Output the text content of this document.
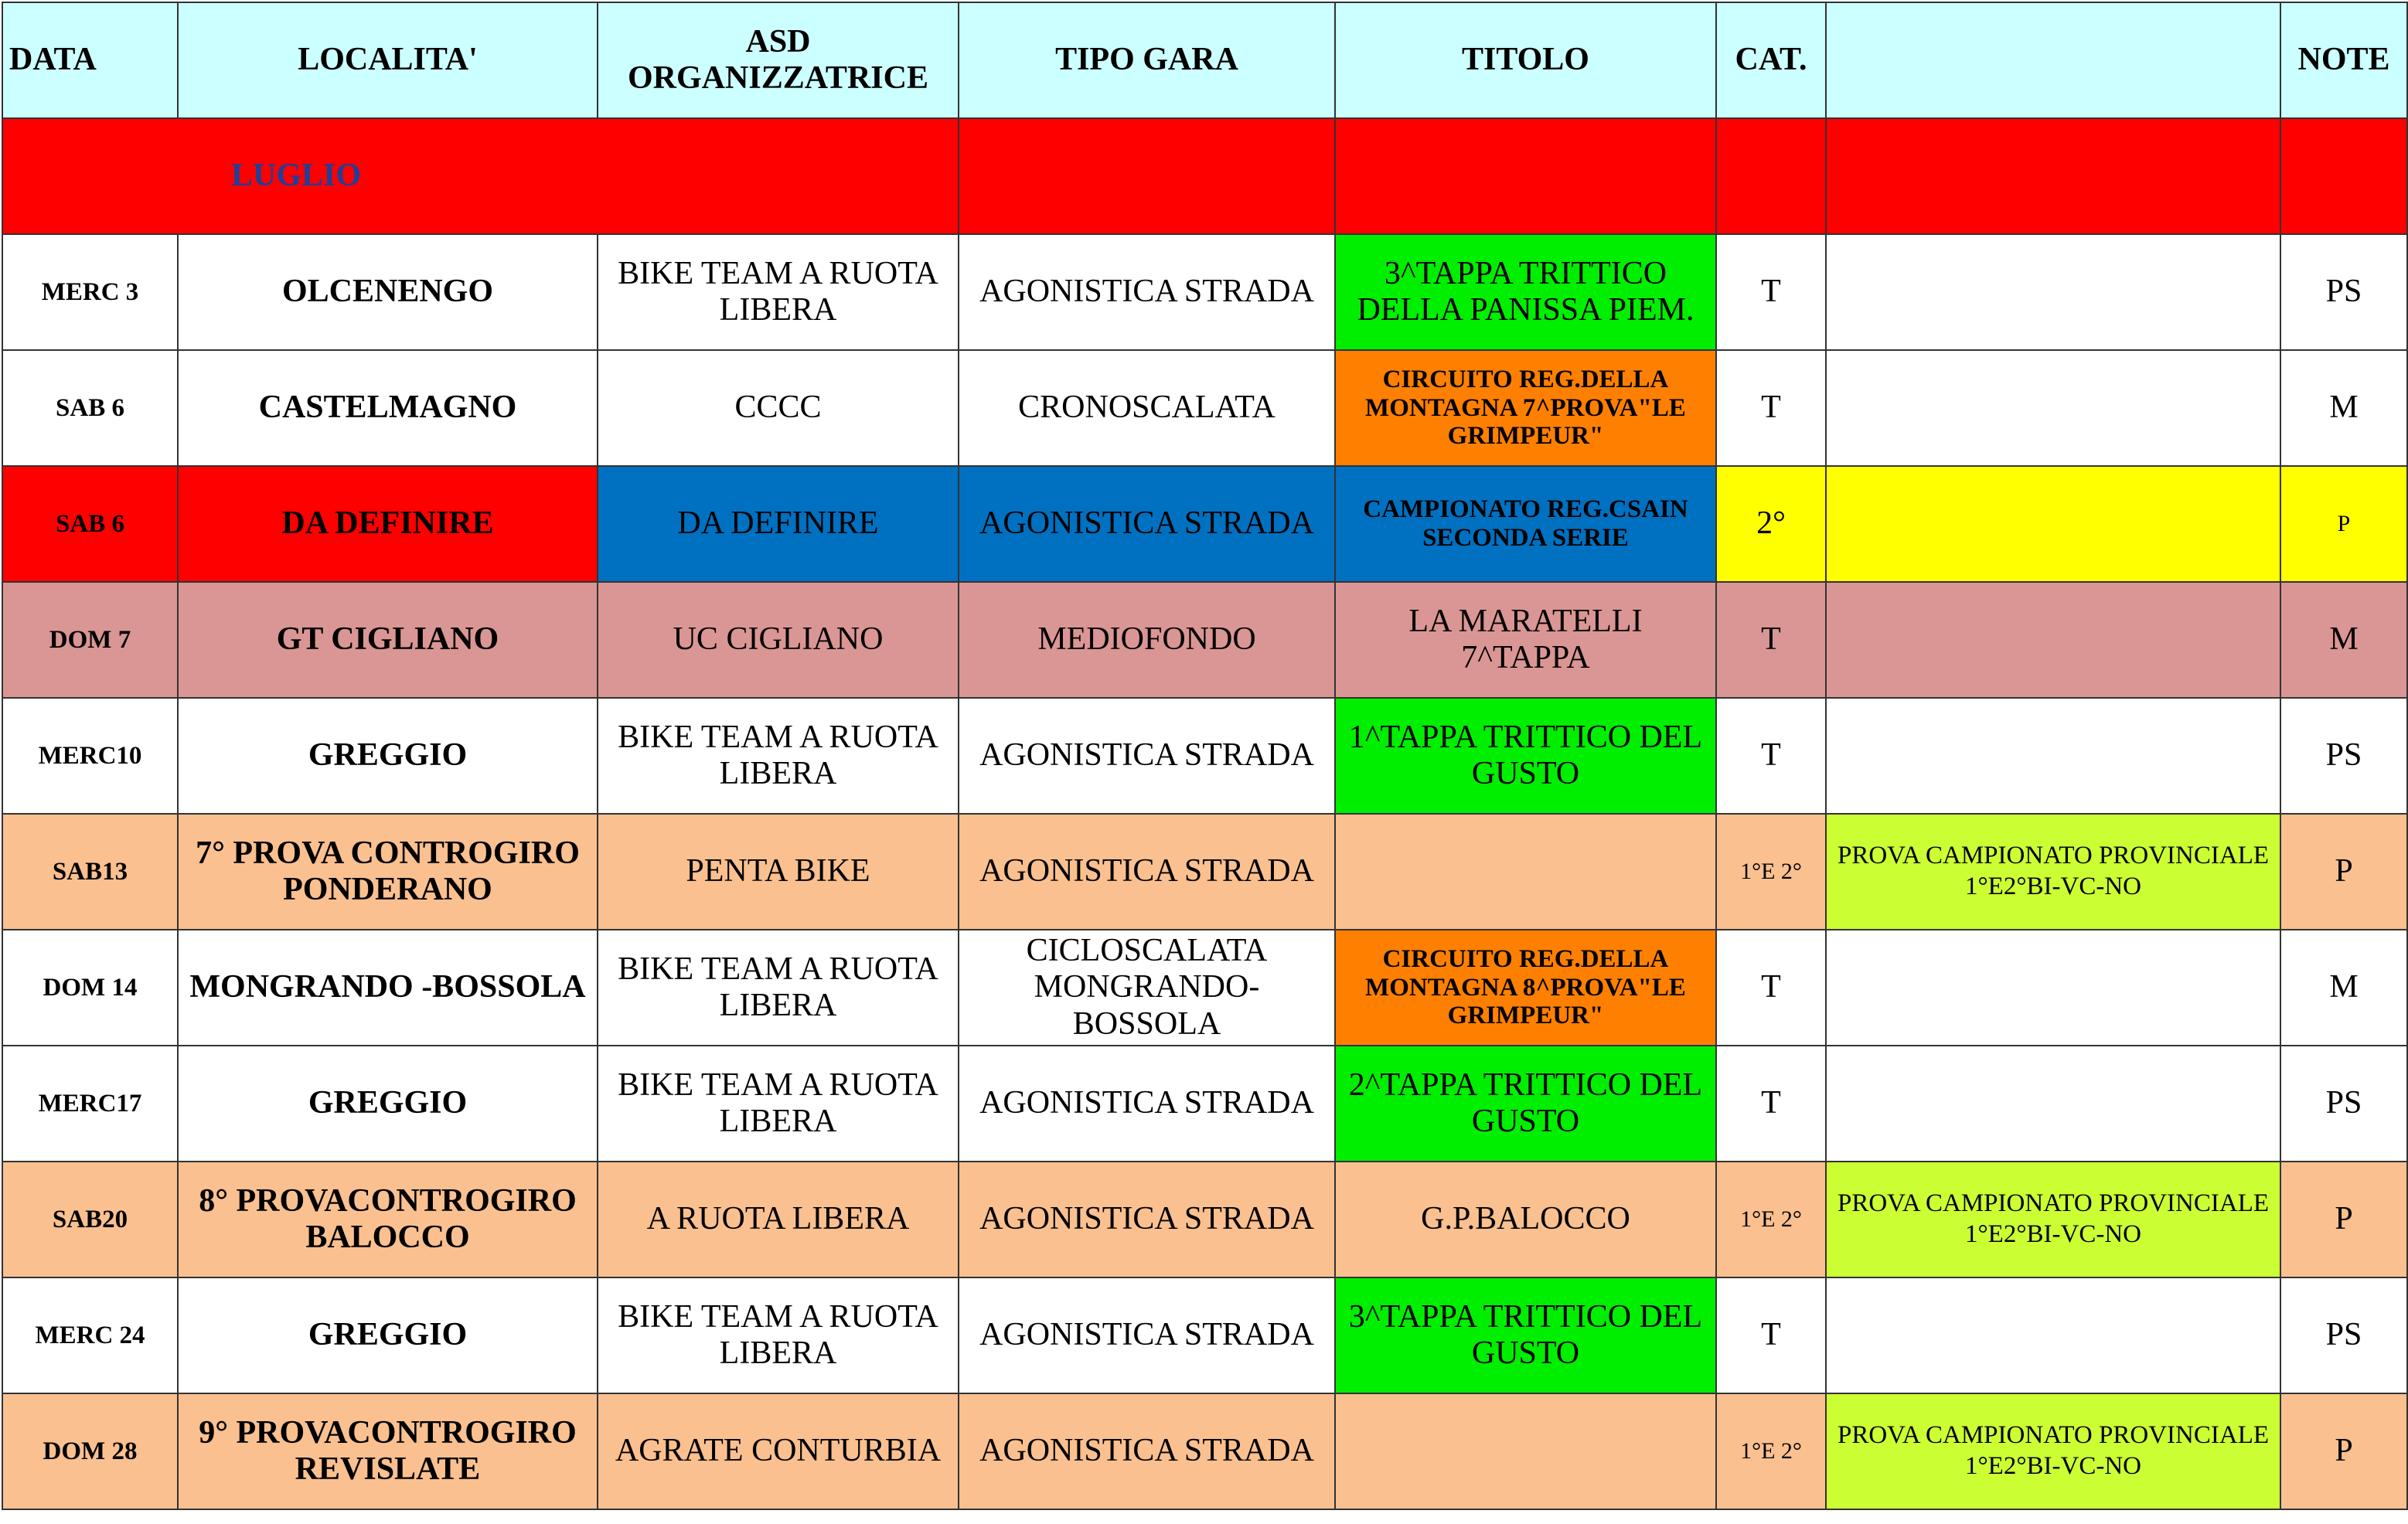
DATA	LOCALITA'	ASD ORGANIZZATRICE	TIPO GARA	TITOLO	CAT.		NOTE
LUGLIO							
MERC 3	OLCENENGO	BIKE TEAM A RUOTA LIBERA	AGONISTICA STRADA	3^TAPPA TRITTICO DELLA PANISSA PIEM.	T		PS
SAB 6	CASTELMAGNO	CCCC	CRONOSCALATA	CIRCUITO REG.DELLA MONTAGNA 7^PROVA"LE GRIMPEUR"	T		M
SAB 6	DA DEFINIRE	DA DEFINIRE	AGONISTICA STRADA	CAMPIONATO REG.CSAIN SECONDA SERIE	2°		P
DOM 7	GT CIGLIANO	UC CIGLIANO	MEDIOFONDO	LA MARATELLI 7^TAPPA	T		M
MERC10	GREGGIO	BIKE TEAM A RUOTA LIBERA	AGONISTICA STRADA	1^TAPPA TRITTICO DEL GUSTO	T		PS
SAB13	7° PROVA CONTROGIRO PONDERANO	PENTA BIKE	AGONISTICA STRADA		1°E 2°	PROVA CAMPIONATO PROVINCIALE 1°E2°BI-VC-NO	P
DOM 14	MONGRANDO -BOSSOLA	BIKE TEAM A RUOTA LIBERA	CICLOSCALATA MONGRANDO-BOSSOLA	CIRCUITO REG.DELLA MONTAGNA 8^PROVA"LE GRIMPEUR"	T		M
MERC17	GREGGIO	BIKE TEAM A RUOTA LIBERA	AGONISTICA STRADA	2^TAPPA TRITTICO DEL GUSTO	T		PS
SAB20	8° PROVACONTROGIRO BALOCCO	A RUOTA LIBERA	AGONISTICA STRADA	G.P.BALOCCO	1°E 2°	PROVA CAMPIONATO PROVINCIALE 1°E2°BI-VC-NO	P
MERC 24	GREGGIO	BIKE TEAM A RUOTA LIBERA	AGONISTICA STRADA	3^TAPPA TRITTICO DEL GUSTO	T		PS
DOM 28	9° PROVACONTROGIRO REVISLATE	AGRATE CONTURBIA	AGONISTICA STRADA		1°E 2°	PROVA CAMPIONATO PROVINCIALE 1°E2°BI-VC-NO	P
